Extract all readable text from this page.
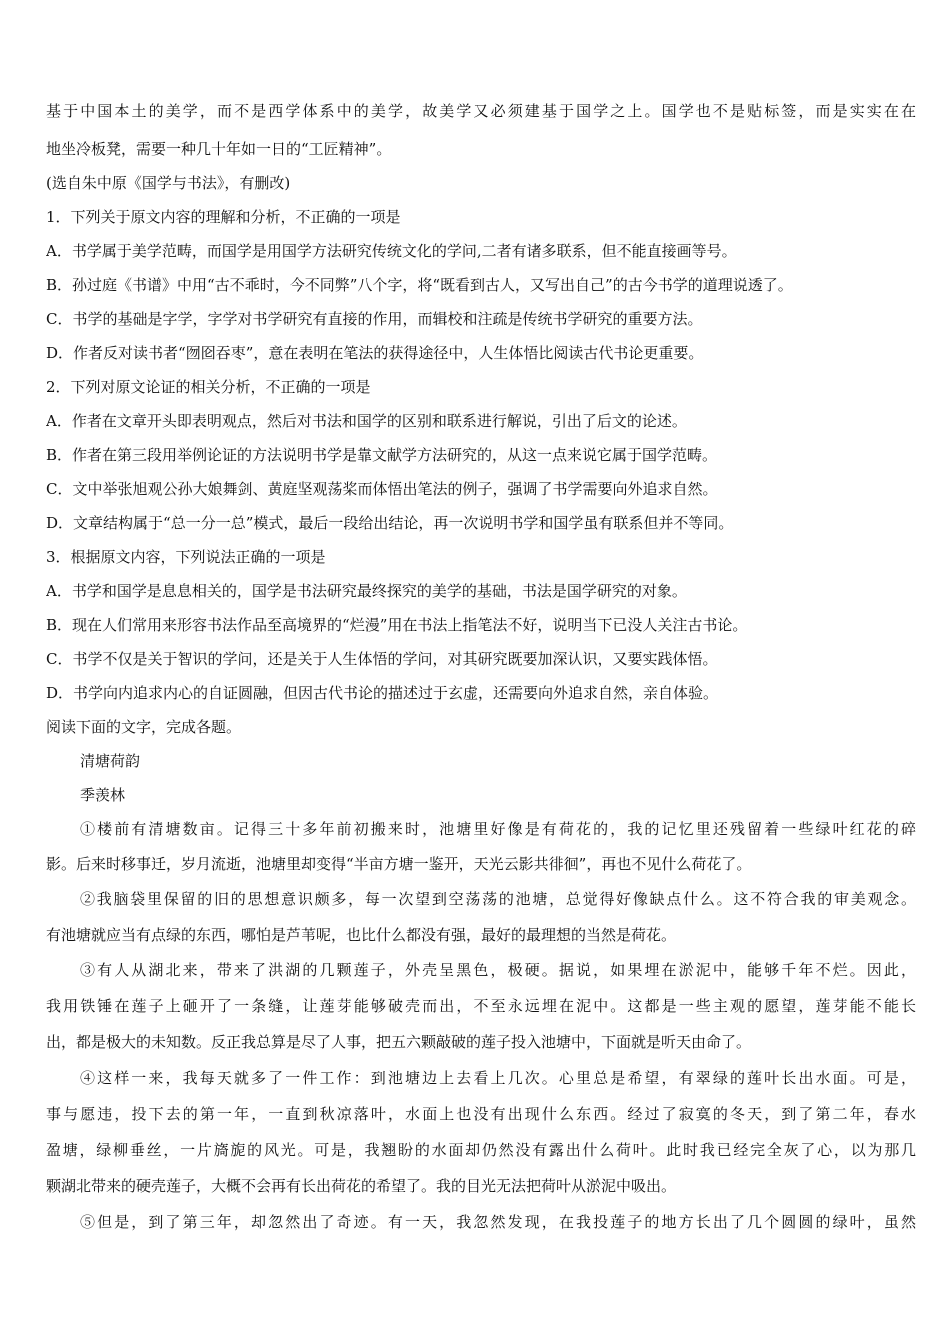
基于中国本土的美学，而不是西学体系中的美学，故美学又必须建基于国学之上。国学也不是贴标签，而是实实在在
地坐冷板凳，需要一种几十年如一日的“工匠精神”。
(选自朱中原《国学与书法》，有删改)
1．下列关于原文内容的理解和分析，不正确的一项是
A．书学属于美学范畴，而国学是用国学方法研究传统文化的学问,二者有诸多联系，但不能直接画等号。
B．孙过庭《书谱》中用“古不乖时，今不同弊”八个字，将“既看到古人，又写出自己”的古今书学的道理说透了。
C．书学的基础是字学，字学对书学研究有直接的作用，而辑校和注疏是传统书学研究的重要方法。
D．作者反对读书者“囫囵吞枣”，意在表明在笔法的获得途径中，人生体悟比阅读古代书论更重要。
2．下列对原文论证的相关分析，不正确的一项是
A．作者在文章开头即表明观点，然后对书法和国学的区别和联系进行解说，引出了后文的论述。
B．作者在第三段用举例论证的方法说明书学是靠文献学方法研究的，从这一点来说它属于国学范畴。
C．文中举张旭观公孙大娘舞剑、黄庭坚观荡桨而体悟出笔法的例子，强调了书学需要向外追求自然。
D．文章结构属于“总一分一总”模式，最后一段给出结论，再一次说明书学和国学虽有联系但并不等同。
3．根据原文内容，下列说法正确的一项是
A．书学和国学是息息相关的，国学是书法研究最终探究的美学的基础，书法是国学研究的对象。
B．现在人们常用来形容书法作品至高境界的“烂漫”用在书法上指笔法不好，说明当下已没人关注古书论。
C．书学不仅是关于智识的学问，还是关于人生体悟的学问，对其研究既要加深认识，又要实践体悟。
D．书学向内追求内心的自证圆融，但因古代书论的描述过于玄虚，还需要向外追求自然，亲自体验。
阅读下面的文字，完成各题。
清塘荷韵
季羡林
①楼前有清塘数亩。记得三十多年前初搬来时，池塘里好像是有荷花的，我的记忆里还残留着一些绿叶红花的碎
影。后来时移事迁，岁月流逝，池塘里却变得“半亩方塘一鉴开，天光云影共徘徊”，再也不见什么荷花了。
②我脑袋里保留的旧的思想意识颇多，每一次望到空荡荡的池塘，总觉得好像缺点什么。这不符合我的审美观念。
有池塘就应当有点绿的东西，哪怕是芦苇呢，也比什么都没有强，最好的最理想的当然是荷花。
③有人从湖北来，带来了洪湖的几颗莲子，外壳呈黑色，极硬。据说，如果埋在淤泥中，能够千年不烂。因此，
我用铁锤在莲子上砸开了一条缝，让莲芽能够破壳而出，不至永远埋在泥中。这都是一些主观的愿望，莲芽能不能长
出，都是极大的未知数。反正我总算是尽了人事，把五六颗敲破的莲子投入池塘中，下面就是听天由命了。
④这样一来，我每天就多了一件工作：到池塘边上去看上几次。心里总是希望，有翠绿的莲叶长出水面。可是，
事与愿违，投下去的第一年，一直到秋凉落叶，水面上也没有出现什么东西。经过了寂寞的冬天，到了第二年，春水
盈塘，绿柳垂丝，一片旖旎的风光。可是，我翘盼的水面却仍然没有露出什么荷叶。此时我已经完全灰了心，以为那几
颗湖北带来的硬壳莲子，大概不会再有长出荷花的希望了。我的目光无法把荷叶从淤泥中吸出。
⑤但是，到了第三年，却忽然出了奇迹。有一天，我忽然发现，在我投莲子的地方长出了几个圆圆的绿叶，虽然
